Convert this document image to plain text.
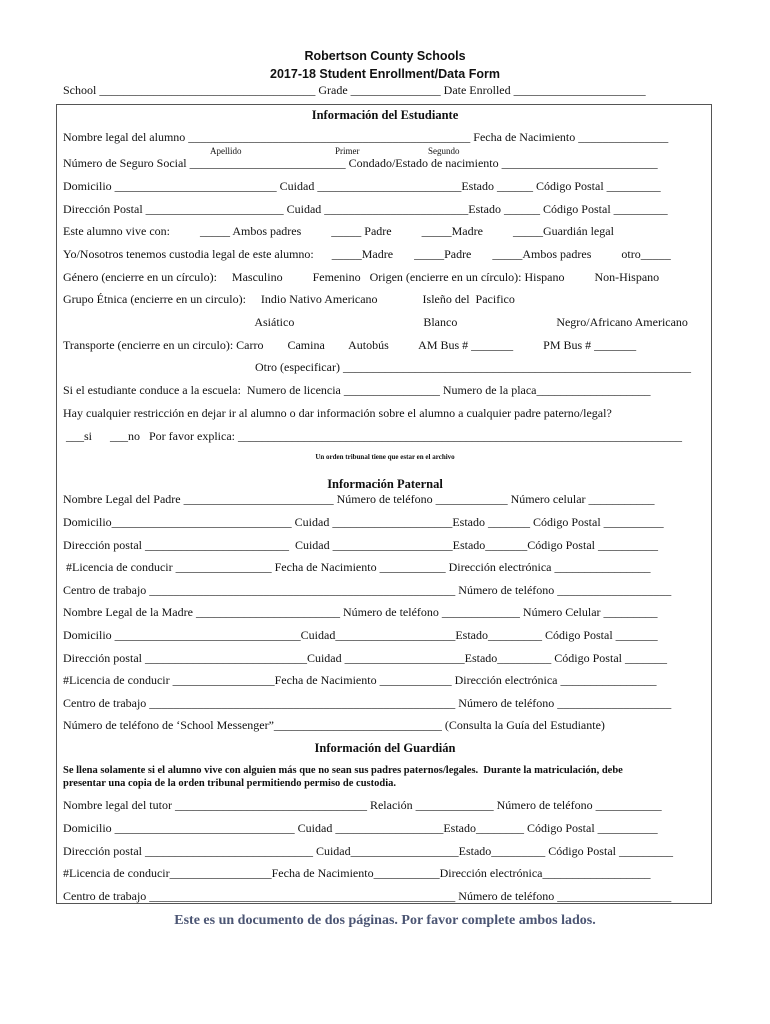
Robertson County Schools
2017-18 Student Enrollment/Data Form
School ____________________________________ Grade _______________ Date Enrolled ______________________
Información del Estudiante
Nombre legal del alumno _______________________________________________ Fecha de Nacimiento _______________
Apellido	Primer	Segundo
Número de Seguro Social __________________________ Condado/Estado de nacimiento __________________________
Domicilio ___________________________ Cuidad ________________________Estado ______ Código Postal _________
Dirección Postal _______________________ Cuidad ________________________Estado ______ Código Postal _________
Este alumno vive con:          _____ Ambos padres          _____ Padre          _____Madre          _____Guardián legal
Yo/Nosotros tenemos custodia legal de este alumno:      _____Madre       _____Padre       _____Ambos padres          otro_____
Género (encierre en un círculo):     Masculino          Femenino   Origen (encierre en un círculo): Hispano          Non-Hispano
Grupo Étnica (encierre en un circulo):     Indio Nativo Americano               Isleño del  Pacifico
Asiático                                           Blanco                                 Negro/Africano Americano
Transporte (encierre en un circulo): Carro        Camina        Autobús          AM Bus # _______          PM Bus # _______
Otro (especificar) __________________________________________________________
Si el estudiante conduce a la escuela:  Numero de licencia ________________ Numero de la placa___________________
Hay cualquier restricción en dejar ir al alumno o dar información sobre el alumno a cualquier padre paterno/legal?
___si      ___no   Por favor explica: __________________________________________________________________________
Un orden tribunal tiene que estar en el archivo
Información Paternal
Nombre Legal del Padre _________________________ Número de teléfono ____________ Número celular ___________
Domicilio______________________________ Cuidad ____________________Estado _______ Código Postal __________
Dirección postal ________________________  Cuidad ____________________Estado_______Código Postal __________
#Licencia de conducir ________________ Fecha de Nacimiento ___________ Dirección electrónica ________________
Centro de trabajo ___________________________________________________ Número de teléfono ___________________
Nombre Legal de la Madre ________________________ Número de teléfono _____________ Número Celular _________
Domicilio _______________________________Cuidad____________________Estado_________ Código Postal _______
Dirección postal ___________________________Cuidad ____________________Estado_________ Código Postal _______
#Licencia de conducir _________________Fecha de Nacimiento ____________ Dirección electrónica ________________
Centro de trabajo ___________________________________________________ Número de teléfono ___________________
Número de teléfono de ‘School Messenger”____________________________ (Consulta la Guía del Estudiante)
Información del Guardián
Se llena solamente si el alumno vive con alguien más que no sean sus padres paternos/legales.  Durante la matriculación, debe
presentar una copia de la orden tribunal permitiendo permiso de custodia.
Nombre legal del tutor ________________________________ Relación _____________ Número de teléfono ___________
Domicilio ______________________________ Cuidad __________________Estado________ Código Postal __________
Dirección postal ____________________________ Cuidad__________________Estado_________ Código Postal _________
#Licencia de conducir_________________Fecha de Nacimiento___________Dirección electrónica__________________
Centro de trabajo ___________________________________________________ Número de teléfono ___________________
Este es un documento de dos páginas. Por favor complete ambos lados.
